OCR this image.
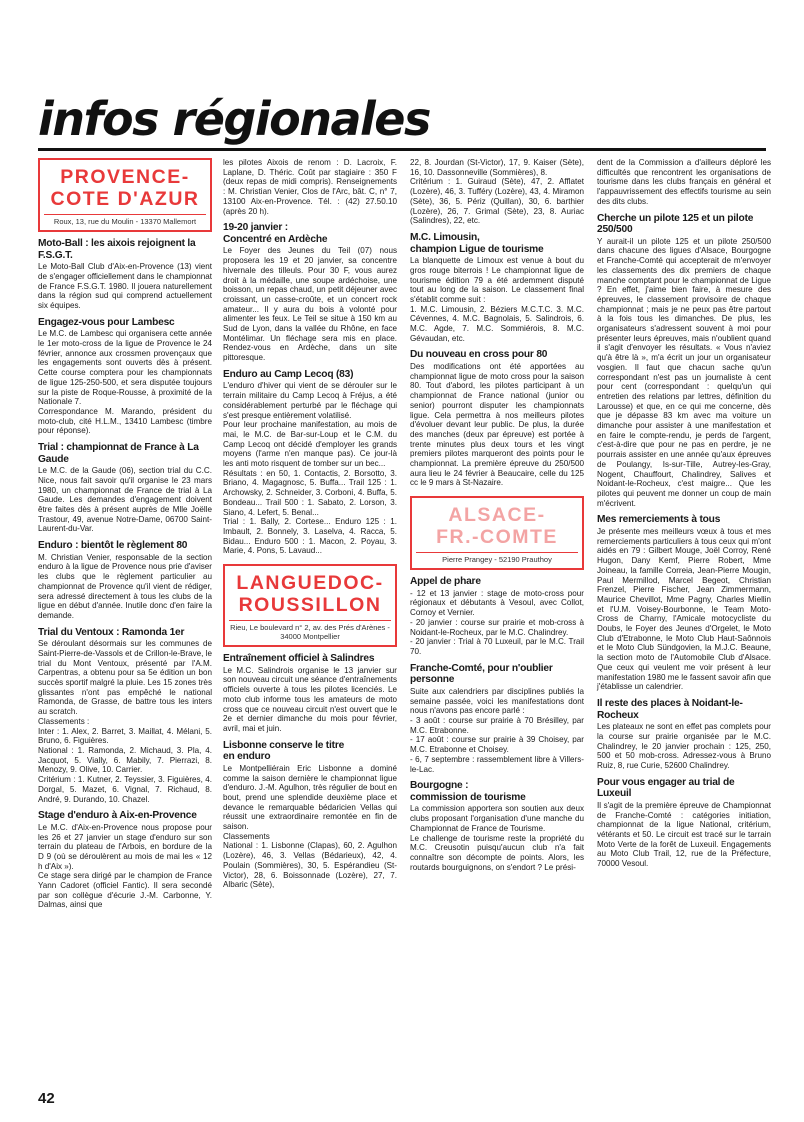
infos régionales
PROVENCE-
COTE D'AZUR
Roux, 13, rue du Moulin - 13370 Mallemort
Moto-Ball : les aixois rejoignent la F.S.G.T.

Le Moto-Ball Club d'Aix-en-Provence (13) vient de s'engager officiellement dans le championnat de France F.S.G.T. 1980. Il jouera naturellement dans la région sud qui comprend actuellement six équipes.

Engagez-vous pour Lambesc

Le M.C. de Lambesc qui organisera cette année le 1er moto-cross de la ligue de Provence le 24 février, annonce aux crossmen provençaux que les engagements sont ouverts dès à présent. Cette course comptera pour les championnats de ligue 125-250-500, et sera disputée toujours sur la piste de Roque-Rousse, à proximité de la Nationale 7.
Correspondance M. Marando, président du moto-club, cité H.L.M., 13410 Lambesc (timbre pour réponse).

Trial : championnat de France à La Gaude

Le M.C. de la Gaude (06), section trial du C.C. Nice, nous fait savoir qu'il organise le 23 mars 1980, un championnat de France de trial à La Gaude. Les demandes d'engagement doivent être faites dès à présent auprès de Mlle Joëlle Trastour, 49, avenue Notre-Dame, 06700 Saint-Laurent-du-Var.

Enduro : bientôt le règlement 80

M. Christian Venier, responsable de la section enduro à la ligue de Provence nous prie d'aviser les clubs que le règlement particulier au championnat de Provence qu'il vient de rédiger, sera adressé directement à tous les clubs de la ligue en début d'année. Inutile donc d'en faire la demande.

Trial du Ventoux : Ramonda 1er

Se déroulant désormais sur les communes de Saint-Pierre-de-Vassols et de Crillon-le-Brave, le trial du Mont Ventoux, présenté par l'A.M. Carpentras, a obtenu pour sa 5e édition un bon succès sportif malgré la pluie. Les 15 zones très glissantes n'ont pas empêché le national Ramonda, de Grasse, de battre tous les inters au scratch.
Classements :
Inter : 1. Alex, 2. Barret, 3. Maillat, 4. Mélani, 5. Bruno, 6. Figuières.
National : 1. Ramonda, 2. Michaud, 3. Pla, 4. Jacquot, 5. Vially, 6. Mabily, 7. Pierrazi, 8. Menozy, 9. Olive, 10. Carrier.
Critérium : 1. Kutner, 2. Teyssier, 3. Figuières, 4. Dorgal, 5. Mazet, 6. Vignal, 7. Richaud, 8. André, 9. Durando, 10. Chazel.

Stage d'enduro à Aix-en-Provence

Le M.C. d'Aix-en-Provence nous propose pour les 26 et 27 janvier un stage d'enduro sur son terrain du plateau de l'Arbois, en bordure de la D 9 (où se déroulèrent au mois de mai les « 12 h d'Aix »).
Ce stage sera dirigé par le champion de France Yann Cadoret (officiel Fantic). Il sera secondé par son collègue d'écurie J.-M. Carbonne, Y. Dalmas, ainsi que

les pilotes Aixois de renom : D. Lacroix, F. Laplane, D. Théric. Coût par stagiaire : 350 F (deux repas de midi compris). Renseignements : M. Christian Venier, Clos de l'Arc, bât. C, n° 7, 13100 Aix-en-Provence. Tél. : (42) 27.50.10 (après 20 h).

19-20 janvier :
Concentré en Ardèche

Le Foyer des Jeunes du Teil (07) nous proposera les 19 et 20 janvier, sa concentre hivernale des tilleuls. Pour 30 F, vous aurez droit à la médaille, une soupe ardéchoise, une boisson, un repas chaud, un petit déjeuner avec croissant, un casse-croûte, et un concert rock amateur... Il y aura du bois à volonté pour alimenter les feux. Le Teil se situe à 150 km au Sud de Lyon, dans la vallée du Rhône, en face Montélimar. Un fléchage sera mis en place. Rendez-vous en Ardèche, dans un site pittoresque.

Enduro au Camp Lecoq (83)

L'enduro d'hiver qui vient de se dérouler sur le terrain militaire du Camp Lecoq à Fréjus, a été considérablement perturbé par le fléchage qui s'est presque entièrement volatilisé.
Pour leur prochaine manifestation, au mois de mai, le M.C. de Bar-sur-Loup et le C.M. du Camp Lecoq ont décidé d'employer les grands moyens (l'arme n'en manque pas). Ce jour-là les anti moto risquent de tomber sur un bec...
Résultats : en 50, 1. Contactis, 2. Borsotto, 3. Briano, 4. Magagnosc, 5. Buffa... Trail 125 : 1. Archowsky, 2. Schneider, 3. Corboni, 4. Buffa, 5. Bondeau... Trail 500 : 1. Sabato, 2. Lorson, 3. Siano, 4. Lefert, 5. Benal...
Trial : 1. Bally, 2. Cortese... Enduro 125 : 1. Imbault, 2. Bonnely, 3. Laselva, 4. Racca, 5. Bidau... Enduro 500 : 1. Macon, 2. Poyau, 3. Marie, 4. Pons, 5. Lavaud...

LANGUEDOC-
ROUSSILLON
Rieu, Le boulevard n° 2, av. des Prés d'Arènes - 34000 Montpellier
Entraînement officiel à Salindres

Le M.C. Salindrois organise le 13 janvier sur son nouveau circuit une séance d'entraînements officiels ouverte à tous les pilotes licenciés. Le moto club informe tous les amateurs de moto cross que ce nouveau circuit n'est ouvert que le 2e et dernier dimanche du mois pour février, avril, mai et juin.

Lisbonne conserve le titre
en enduro

Le Montpelliérain Eric Lisbonne a dominé comme la saison dernière le championnat ligue d'enduro. J.-M. Agulhon, très régulier de bout en bout, prend une splendide deuxième place et devance le remarquable bédaricien Vellas qui réussit une extraordinaire remontée en fin de saison.
Classements
National : 1. Lisbonne (Clapas), 60, 2. Agulhon (Lozère), 46, 3. Vellas (Bédarieux), 42, 4. Poulain (Sommières), 30, 5. Espérandieu (St-Victor), 28, 6. Boissonnade (Lozère), 27, 7. Albaric (Sète),

22, 8. Jourdan (St-Victor), 17, 9. Kaiser (Sète), 16, 10. Dassonneville (Sommières), 8.
Critérium : 1. Guiraud (Sète), 47, 2. Afflatet (Lozère), 46, 3. Tufféry (Lozère), 43, 4. Miramon (Sète), 36, 5. Périz (Quillan), 30, 6. barthier (Lozère), 26, 7. Grimal (Sète), 23, 8. Auriac (Salindres), 22, etc.

M.C. Limousin,
champion Ligue de tourisme

La blanquette de Limoux est venue à bout du gros rouge biterrois ! Le championnat ligue de tourisme édition 79 a été ardemment disputé tout au long de la saison. Le classement final s'établit comme suit :
1. M.C. Limousin, 2. Béziers M.C.T.C. 3. M.C. Cévennes, 4. M.C. Bagnolais, 5. Salindrois, 6. M.C. Agde, 7. M.C. Sommiérois, 8. M.C. Gévaudan, etc.

Du nouveau en cross pour 80

Des modifications ont été apportées au championnat ligue de moto cross pour la saison 80. Tout d'abord, les pilotes participant à un championnat de France national (junior ou senior) pourront disputer les championnats ligue. Cela permettra à nos meilleurs pilotes d'évoluer devant leur public. De plus, la durée des manches (deux par épreuve) est portée à trente minutes plus deux tours et les vingt premiers pilotes marqueront des points pour le championnat. La première épreuve du 250/500 aura lieu le 24 février à Beaucaire, celle du 125 cc le 9 mars à St-Nazaire.

ALSACE-
FR.-COMTE
Pierre Prangey - 52190 Prauthoy
Appel de phare

- 12 et 13 janvier : stage de moto-cross pour régionaux et débutants à Vesoul, avec Collot, Cornoy et Vernier.
- 20 janvier : course sur prairie et mob-cross à Noidant-le-Rocheux, par le M.C. Chalindrey.
- 20 janvier : Trial à 70 Luxeuil, par le M.C. Trail 70.

Franche-Comté, pour n'oublier personne

Suite aux calendriers par disciplines publiés la semaine passée, voici les manifestations dont nous n'avons pas encore parlé :
- 3 août : course sur prairie à 70 Brésilley, par M.C. Etrabonne.
- 17 août : course sur prairie à 39 Choisey, par M.C. Etrabonne et Choisey.
- 6, 7 septembre : rassemblement libre à Villers-le-Lac.

Bourgogne :
commission de tourisme

La commission apportera son soutien aux deux clubs proposant l'organisation d'une manche du Championnat de France de Tourisme.
Le challenge de tourisme reste la propriété du M.C. Creusotin puisqu'aucun club n'a fait connaître son décompte de points. Alors, les routards bourguignons, on s'endort ? Le prési-

dent de la Commission a d'ailleurs déploré les difficultés que rencontrent les organisations de tourisme dans les clubs français en général et l'appauvrissement des effectifs tourisme au sein des dits clubs.

Cherche un pilote 125 et un pilote 250/500

Y aurait-il un pilote 125 et un pilote 250/500 dans chacune des ligues d'Alsace, Bourgogne et Franche-Comté qui accepterait de m'envoyer les classements des dix premiers de chaque manche comptant pour le championnat de Ligue ? En effet, j'aime bien faire, à mesure des épreuves, le classement provisoire de chaque championnat ; mais je ne peux pas être partout à la fois tous les dimanches. De plus, les organisateurs s'adressent souvent à moi pour présenter leurs épreuves, mais n'oublient quand il s'agit d'envoyer les résultats. « Vous n'aviez qu'à être là », m'a écrit un jour un organisateur vosgien. Il faut que chacun sache qu'un correspondant n'est pas un journaliste à cent pour cent (correspondant : quelqu'un qui entretien des relations par lettres, définition du Larousse) et que, en ce qui me concerne, dès que je dépasse 83 km avec ma voiture un dimanche pour assister à une manifestation et en faire le compte-rendu, je perds de l'argent, c'est-à-dire que pour ne pas en perdre, je ne pourrais assister en une année qu'aux épreuves de Poulangy, Is-sur-Tille, Autrey-les-Gray, Nogent, Chauffourt, Chalindrey, Salives et Noidant-le-Rocheux, c'est maigre... Que les pilotes qui peuvent me donner un coup de main m'écrivent.

Mes remerciements à tous

Je présente mes meilleurs vœux à tous et mes remerciements particuliers à tous ceux qui m'ont aidés en 79 : Gilbert Mouge, Joël Corroy, René Hugon, Dany Kemf, Pierre Robert, Mme Joineau, la famille Correia, Jean-Pierre Mougin, Paul Mermillod, Marcel Begeot, Christian Frenzel, Pierre Fischer, Jean Zimmermann, Maurice Chevillot, Mme Pagny, Charles Miellin et l'U.M. Voisey-Bourbonne, le Team Moto-Cross de Charny, l'Amicale motocycliste du Doubs, le Foyer des Jeunes d'Orgelet, le Moto Club d'Etrabonne, le Moto Club Haut-Saônnois et le Moto Club Sündgovien, la M.J.C. Beaune, la section moto de l'Automobile Club d'Alsace. Que ceux qui veulent me voir présent à leur manifestation 1980 me le fassent savoir afin que j'établisse un calendrier.

Il reste des places à Noidant-le-Rocheux

Les plateaux ne sont en effet pas complets pour la course sur prairie organisée par le M.C. Chalindrey, le 20 janvier prochain : 125, 250, 500 et 50 mob-cross. Adressez-vous à Bruno Ruiz, 8, rue Curie, 52600 Chalindrey.

Pour vous engager au trial de Luxeuil

Il s'agit de la première épreuve de Championnat de Franche-Comté : catégories initiation, championnat de la ligue National, critérium, vétérants et 50. Le circuit est tracé sur le tarrain Moto Verte de la forêt de Luxeuil. Engagements au Moto Club Trail, 12, rue de la Préfecture, 70000 Vesoul.

42
